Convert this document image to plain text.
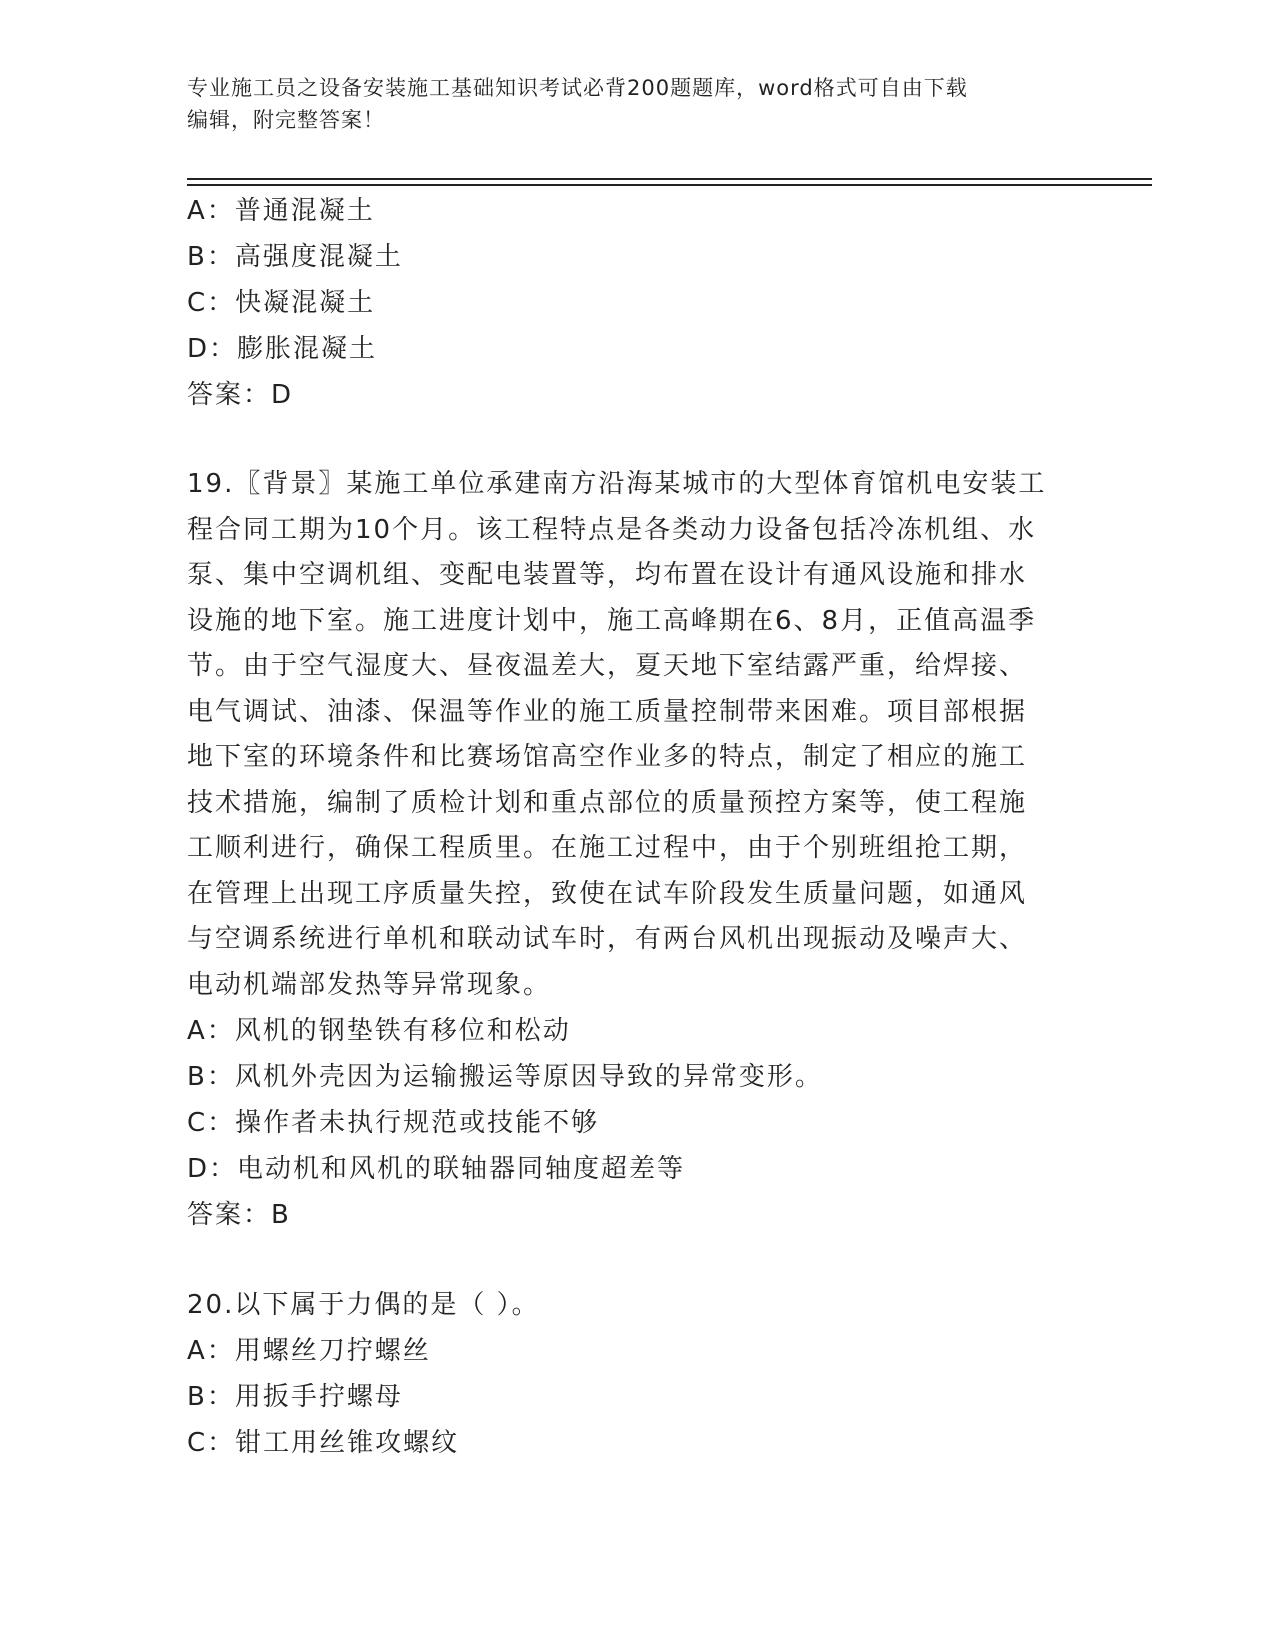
专业施工员之设备安装施工基础知识考试必背200题题库，word格式可自由下载
编辑，附完整答案！
A：普通混凝土
B：高强度混凝土
C：快凝混凝土
D：膨胀混凝土
答案：D
19.〖背景〗某施工单位承建南方沿海某城市的大型体育馆机电安装工
程合同工期为10个月。该工程特点是各类动力设备包括冷冻机组、水
泵、集中空调机组、变配电装置等，均布置在设计有通风设施和排水
设施的地下室。施工进度计划中，施工高峰期在6、8月，正值高温季
节。由于空气湿度大、昼夜温差大，夏天地下室结露严重，给焊接、
电气调试、油漆、保温等作业的施工质量控制带来困难。项目部根据
地下室的环境条件和比赛场馆高空作业多的特点，制定了相应的施工
技术措施，编制了质检计划和重点部位的质量预控方案等，使工程施
工顺利进行，确保工程质里。在施工过程中，由于个别班组抢工期，
在管理上出现工序质量失控，致使在试车阶段发生质量问题，如通风
与空调系统进行单机和联动试车时，有两台风机出现振动及噪声大、
电动机端部发热等异常现象。
A：风机的钢垫铁有移位和松动
B：风机外壳因为运输搬运等原因导致的异常变形。
C：操作者未执行规范或技能不够
D：电动机和风机的联轴器同轴度超差等
答案：B
20.以下属于力偶的是（ ）。
A：用螺丝刀拧螺丝
B：用扳手拧螺母
C：钳工用丝锥攻螺纹
